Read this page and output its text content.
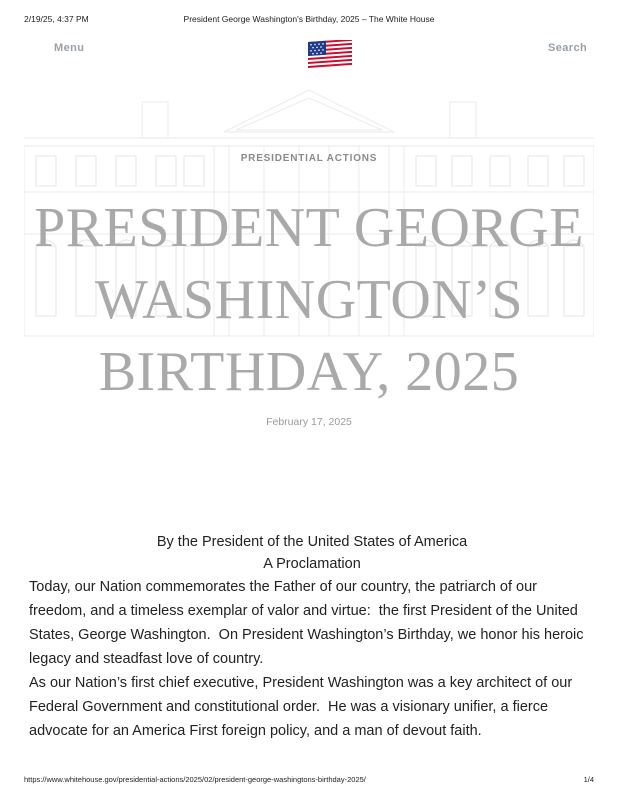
2/19/25, 4:37 PM	President George Washington's Birthday, 2025 – The White House
Menu	Search
PRESIDENTIAL ACTIONS
PRESIDENT GEORGE WASHINGTON’S BIRTHDAY, 2025
February 17, 2025

By the President of the United States of America

A Proclamation

Today, our Nation commemorates the Father of our country, the patriarch of our freedom, and a timeless exemplar of valor and virtue:  the first President of the United States, George Washington.  On President Washington’s Birthday, we honor his heroic legacy and steadfast love of country.

As our Nation’s first chief executive, President Washington was a key architect of our Federal Government and constitutional order.  He was a visionary unifier, a fierce advocate for an America First foreign policy, and a man of devout faith.

https://www.whitehouse.gov/presidential-actions/2025/02/president-george-washingtons-birthday-2025/	1/4
